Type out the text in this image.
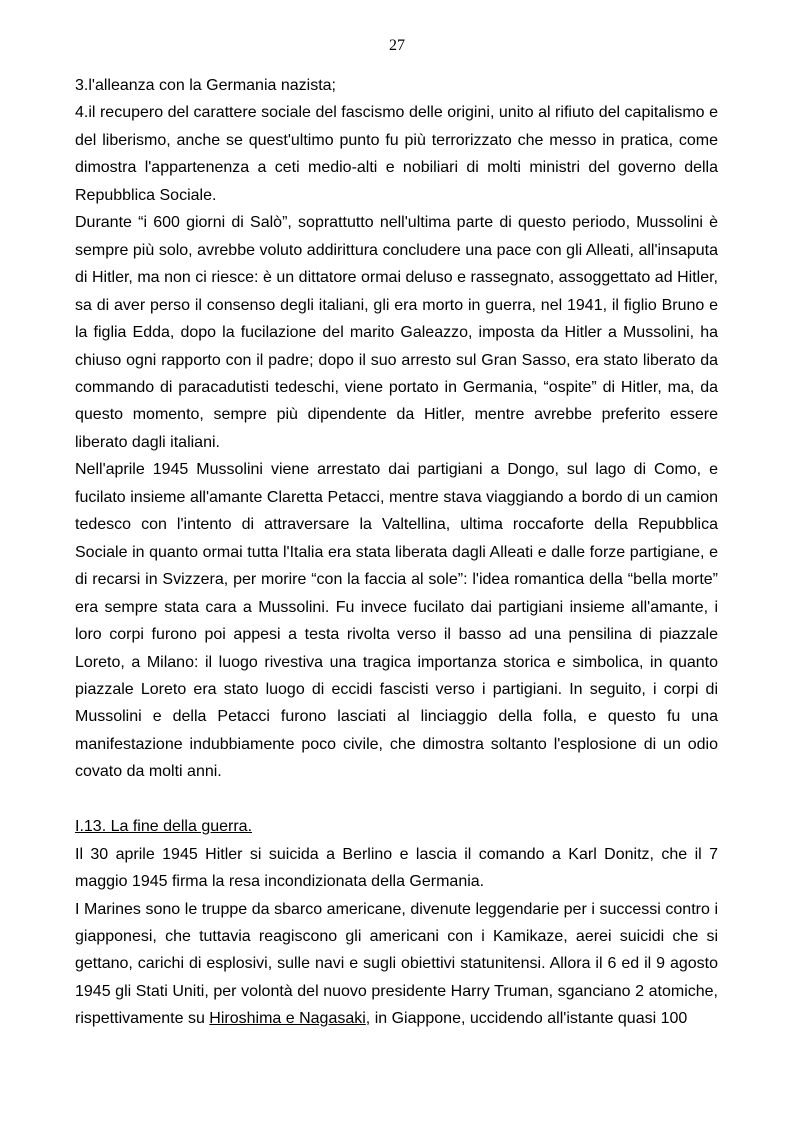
27

3.l'alleanza con la Germania nazista;

4.il recupero del carattere sociale del fascismo delle origini, unito al rifiuto del capitalismo e del liberismo, anche se quest'ultimo punto fu più terrorizzato che messo in pratica, come dimostra l'appartenenza a ceti medio-alti e nobiliari di molti ministri del governo della Repubblica Sociale.

Durante “i 600 giorni di Salò”, soprattutto nell'ultima parte di questo periodo, Mussolini è sempre più solo, avrebbe voluto addirittura concludere una pace con gli Alleati, all'insaputa di Hitler, ma non ci riesce: è un dittatore ormai deluso e rassegnato, assoggettato ad Hitler, sa di aver perso il consenso degli italiani, gli era morto in guerra, nel 1941, il figlio Bruno e la figlia Edda, dopo la fucilazione del marito Galeazzo, imposta da Hitler a Mussolini, ha chiuso ogni rapporto con il padre; dopo il suo arresto sul Gran Sasso, era stato liberato da commando di paracadutisti tedeschi, viene portato in Germania, “ospite” di Hitler, ma, da questo momento, sempre più dipendente da Hitler, mentre avrebbe preferito essere liberato dagli italiani.

Nell'aprile 1945 Mussolini viene arrestato dai partigiani a Dongo, sul lago di Como, e fucilato insieme all'amante Claretta Petacci, mentre stava viaggiando a bordo di un camion tedesco con l'intento di attraversare la Valtellina, ultima roccaforte della Repubblica Sociale in quanto ormai tutta l'Italia era stata liberata dagli Alleati e dalle forze partigiane, e di recarsi in Svizzera, per morire “con la faccia al sole”: l'idea romantica della “bella morte” era sempre stata cara a Mussolini. Fu invece fucilato dai partigiani insieme all'amante, i loro corpi furono poi appesi a testa rivolta verso il basso ad una pensilina di piazzale Loreto, a Milano: il luogo rivestiva una tragica importanza storica e simbolica, in quanto piazzale Loreto era stato luogo di eccidi fascisti verso i partigiani. In seguito, i corpi di Mussolini e della Petacci furono lasciati al linciaggio della folla, e questo fu una manifestazione indubbiamente poco civile, che dimostra soltanto l'esplosione di un odio covato da molti anni.

I.13. La fine della guerra.

Il 30 aprile 1945 Hitler si suicida a Berlino e lascia il comando a Karl Donitz, che il 7 maggio 1945 firma la resa incondizionata della Germania.

I Marines sono le truppe da sbarco americane, divenute leggendarie per i successi contro i giapponesi, che tuttavia reagiscono gli americani con i Kamikaze, aerei suicidi che si gettano, carichi di esplosivi, sulle navi e sugli obiettivi statunitensi. Allora il 6 ed il 9 agosto 1945 gli Stati Uniti, per volontà del nuovo presidente Harry Truman, sganciano 2 atomiche, rispettivamente su Hiroshima e Nagasaki, in Giappone, uccidendo all'istante quasi 100
